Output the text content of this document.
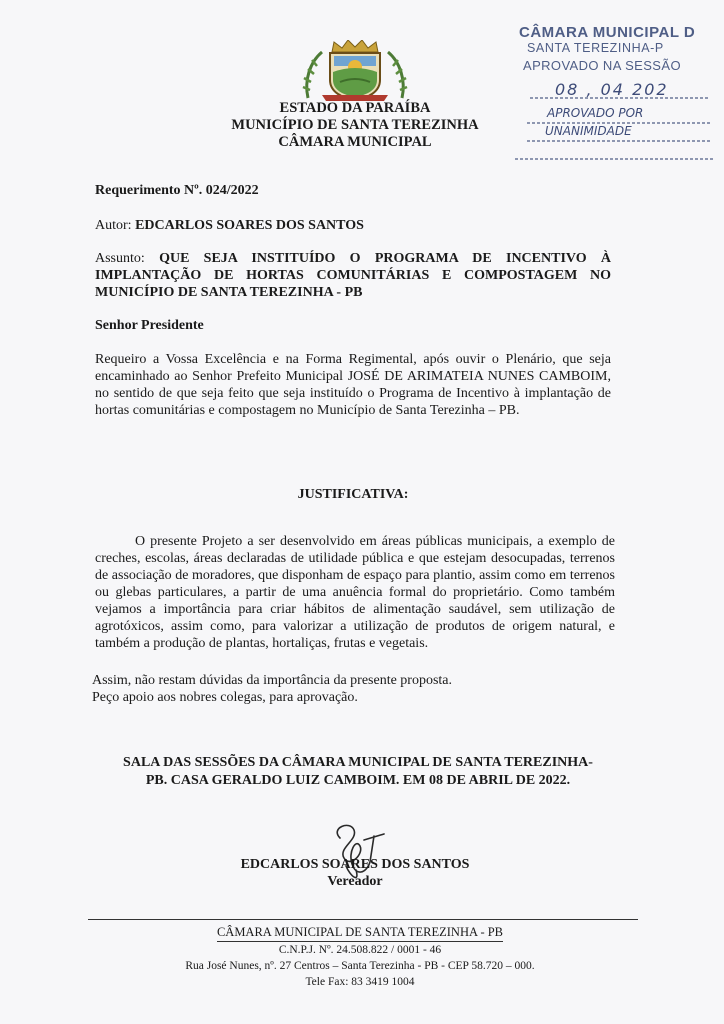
ESTADO DA PARAÍBA
MUNICÍPIO DE SANTA TEREZINHA
CÂMARA MUNICIPAL
CÂMARA MUNICIPAL D
SANTA TEREZINHA-P
APROVADO NA SESSÃO
08 , 04 202
APROVADO POR
UNANIMIDADE
Requerimento Nº. 024/2022
Autor: EDCARLOS SOARES DOS SANTOS
Assunto: QUE SEJA INSTITUÍDO O PROGRAMA DE INCENTIVO À IMPLANTAÇÃO DE HORTAS COMUNITÁRIAS E COMPOSTAGEM NO MUNICÍPIO DE SANTA TEREZINHA - PB
Senhor Presidente
Requeiro a Vossa Excelência e na Forma Regimental, após ouvir o Plenário, que seja encaminhado ao Senhor Prefeito Municipal JOSÉ DE ARIMATEIA NUNES CAMBOIM, no sentido de que seja feito que seja instituído o Programa de Incentivo à implantação de hortas comunitárias e compostagem no Município de Santa Terezinha – PB.
JUSTIFICATIVA:
O presente Projeto a ser desenvolvido em áreas públicas municipais, a exemplo de creches, escolas, áreas declaradas de utilidade pública e que estejam desocupadas, terrenos de associação de moradores, que disponham de espaço para plantio, assim como em terrenos ou glebas particulares, a partir de uma anuência formal do proprietário. Como também vejamos a importância para criar hábitos de alimentação saudável, sem utilização de agrotóxicos, assim como, para valorizar a utilização de produtos de origem natural, e também a produção de plantas, hortaliças, frutas e vegetais.
Assim, não restam dúvidas da importância da presente proposta.
Peço apoio aos nobres colegas, para aprovação.
SALA DAS SESSÕES DA CÂMARA MUNICIPAL DE SANTA TEREZINHA-
PB. CASA GERALDO LUIZ CAMBOIM. EM 08 DE ABRIL DE 2022.
EDCARLOS SOARES DOS SANTOS
Vereador
CÂMARA MUNICIPAL DE SANTA TEREZINHA - PB
C.N.P.J. Nº. 24.508.822 / 0001 - 46
Rua José Nunes, nº. 27 Centros – Santa Terezinha - PB - CEP 58.720 – 000.
Tele Fax: 83 3419 1004
